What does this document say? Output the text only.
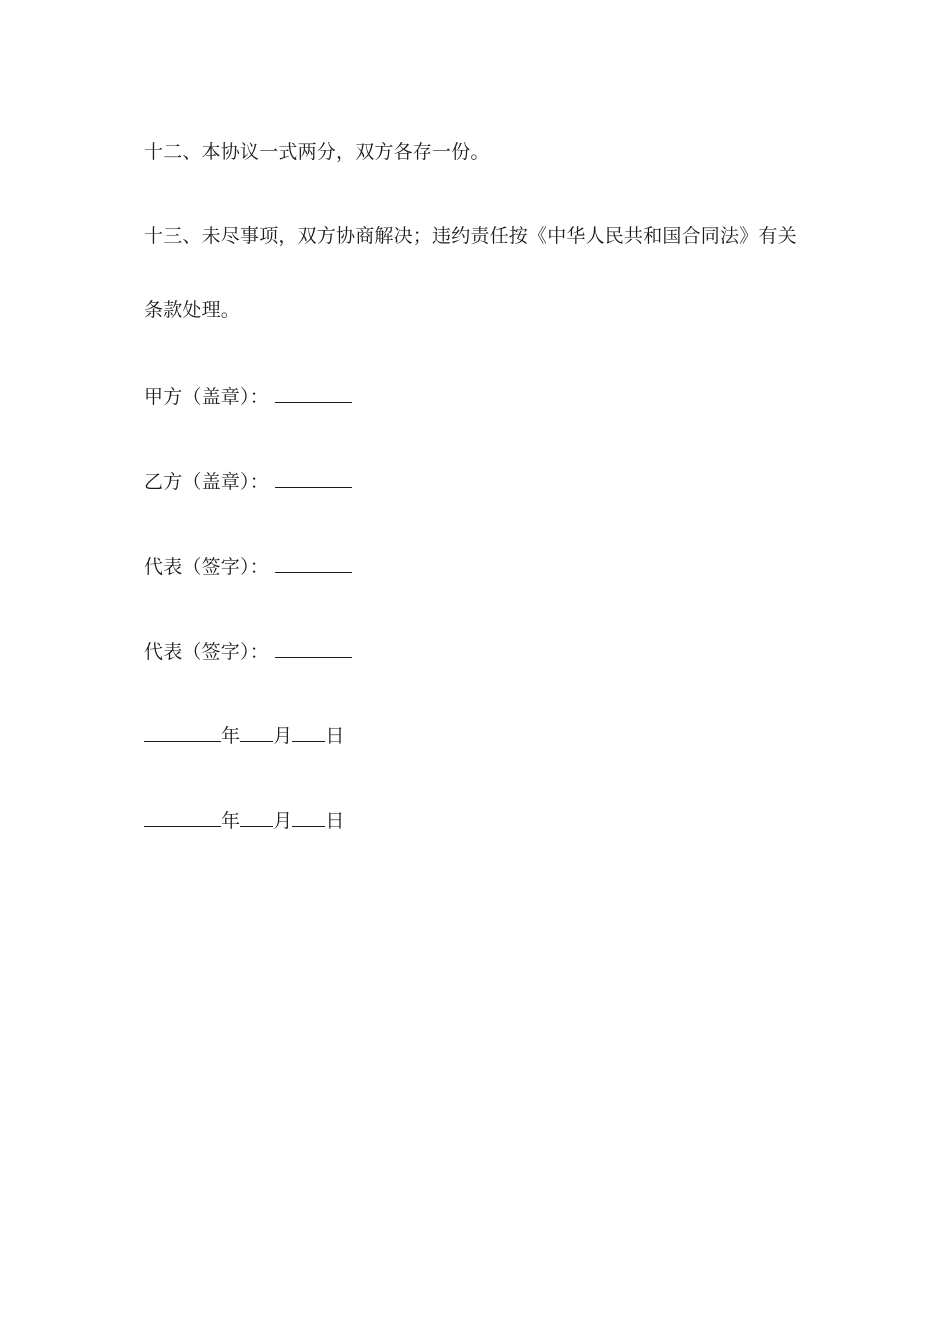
十二、本协议一式两分，双方各存一份。
十三、未尽事项，双方协商解决；违约责任按《中华人民共和国合同法》有关
条款处理。
甲方（盖章）：
乙方（盖章）：
代表（签字）：
代表（签字）：
年 月 日
年 月 日
